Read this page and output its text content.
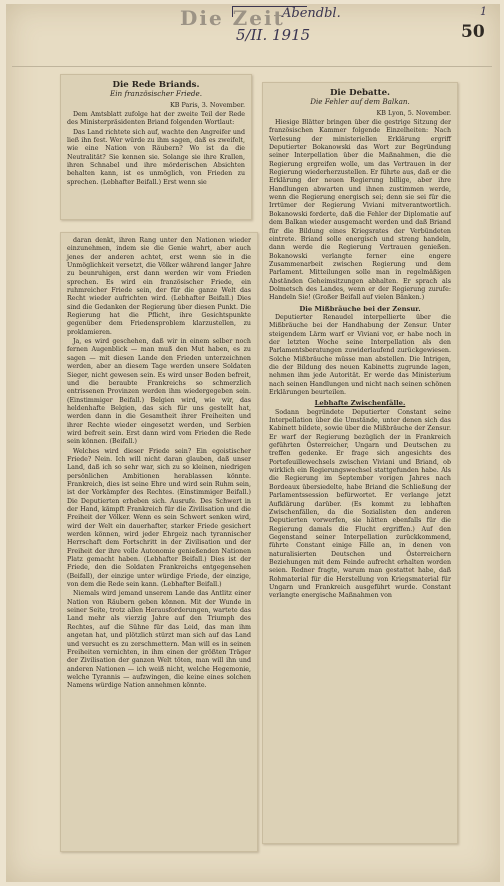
Die Zeit
Abendbl.
5/II. 1915
1
50
Die Rede Briands.
Ein französischer Friede.
KB Paris, 3. November.

Dem Amtsblatt zufolge hat der zweite Teil der Rede des Ministerpräsidenten Briand folgenden Wortlaut:

Das Land richtete sich auf, wachte den Angreifer und ließ ihn fest. Wer würde zu ihm sagen, daß es zweifelt, wie eine Nation von Räubern? Wo ist da die Neutralität? Sie kennen sie. Solange sie ihre Krallen, ihren Schnabel und ihre mörderischen Absichten behalten kann, ist es unmöglich, von Frieden zu sprechen. (Lebhafter Beifall.) Erst wenn sie

daran denkt, ihren Rang unter den Nationen wieder einzunehmen, indem sie die Genie wahrt, aber auch jenes der anderen achtet, erst wenn sie in die Unmöglichkeit versetzt, die Völker während langer Jahre zu beunruhigen, erst dann werden wir vom Frieden sprechen. Es wird ein französischer Friede, ein ruhmreicher Friede sein, der für die ganze Welt das Recht wieder aufrichten wird. (Lebhafter Beifall.) Dies sind die Gedanken der Regierung über diesen Punkt. Die Regierung hat die Pflicht, ihre Gesichtspunkte gegenüber dem Friedensproblem klarzustellen, zu proklamieren.

Ja, es wird geschehen, daß wir in einem selber noch fernen Augenblick — man muß den Mut haben, es zu sagen — mit diesen Lande den Frieden unterzeichnen werden, aber an diesem Tage werden unsere Soldaten Sieger, nicht gewesen sein. Es wird unser Boden befreit, und die beraubte Frankreichs so schmerzlich entrissenen Provinzen werden ihm wiedergegeben sein. (Einstimmiger Beifall.) Belgien wird, wie wir, das heldenhafte Belgien, das sich für uns gestellt hat, werden dann in die Gesamtheit ihrer Freiheiten und ihrer Rechte wieder eingesetzt werden, und Serbien wird befreit sein. Erst dann wird vom Frieden die Rede sein können. (Beifall.)

Welches wird dieser Friede sein? Ein egoistischer Friede? Nein. Ich will nicht daran glauben, daß unser Land, daß ich so sehr war, sich zu so kleinen, niedrigen persönlichen Ambitionen herablassen könnte. Frankreich, dies ist seine Ehre und wird sein Ruhm sein, ist der Vorkämpfer des Rechtes. (Einstimmiger Beifall.) Die Deputierten erheben sich. Ausrufe. Des Schwert in der Hand, kämpft Frankreich für die Zivilisation und die Freiheit der Völker. Wenn es sein Schwert senken wird, wird der Welt ein dauerhafter, starker Friede gesichert werden können, wird jeder Ehrgeiz nach tyrannischer Herrschaft dem Fortschritt in der Zivilisation und der Freiheit der ihre volle Autonomie genießenden Nationen Platz gemacht haben. (Lebhafter Beifall.) Dies ist der Friede, den die Soldaten Frankreichs entgegensehen (Beifall), der einzige unter würdige Friede, der einzige, von dem die Rede sein kann. (Lebhafter Beifall.)

Niemals wird jemand unserem Lande das Antlitz einer Nation von Räubern geben können. Mit der Wunde in seiner Seite, trotz allen Herausforderungen, wartete das Land mehr als vierzig Jahre auf den Triumph des Rechtes, auf die Sühne für das Leid, das man ihm angetan hat, und plötzlich stürzt man sich auf das Land und versucht es zu zerschmettern. Man will es in seinen Freiheiten vernichten, in ihm einen der größten Träger der Zivilisation der ganzen Welt töten, man will ihn und anderen Nationen — ich weiß nicht, welche Hegemonie, welche Tyrannis — aufzwingen, die keine eines solchen Namens würdige Nation annehmen könnte.

Die Debatte.
Die Fehler auf dem Balkan.
KB Lyon, 5. November.

Hiesige Blätter bringen über die gestrige Sitzung der französischen Kammer folgende Einzelheiten: Nach Verlesung der ministeriellen Erklärung ergriff Deputierter Bokanowski das Wort zur Begründung seiner Interpellation über die Maßnahmen, die die Regierung ergreifen wolle, um das Vertrauen in der Regierung wiederherzustellen. Er führte aus, daß er die Erklärung der neuen Regierung billige, aber ihre Handlungen abwarten und ihnen zustimmen werde, wenn die Regierung energisch sei; denn sie sei für die Irrtümer der Regierung Viviani mitverantwortlich. Bokanowski forderte, daß die Fehler der Diplomatie auf dem Balkan wieder ausgemacht werden und daß Briand für die Bildung eines Kriegsrates der Verbündeten eintrete. Briand solle energisch und streng handeln, dann werde die Regierung Vertrauen genießen. Bokanowski verlangte ferner eine engere Zusammenarbeit zwischen Regierung und dem Parlament. Mitteilungen solle man in regelmäßigen Abständen Geheimsitzungen abhalten. Er sprach als Dolmetsch des Landes, wenn er der Regierung zurufe: Handeln Sie! (Großer Beifall auf vielen Bänken.)

Die Mißbräuche bei der Zensur.

Deputierter Renaudel interpellierte über die Mißbräuche bei der Handhabung der Zensur. Unter steigendem Lärm warf er Viviani vor, er habe noch in der letzten Woche seine Interpellation als den Parlamentsberatungen zuwiderlaufend zurückgewiesen. Solche Mißbräuche müsse man abstellen. Die Intrigen, die der Bildung des neuen Kabinetts zugrunde lagen, nehmen ihm jede Autorität. Er werde das Ministerium nach seinen Handlungen und nicht nach seinen schönen Erklärungen beurteilen.

Lebhafte Zwischenfälle.

Sodann begründete Deputierter Constant seine Interpellation über die Umstände, unter denen sich das Kabinett bildete, sowie über die Mißbräuche der Zensur. Er warf der Regierung bezüglich der in Frankreich geführten Österreicher, Ungarn und Deutschen zu treffen gedenke. Er frage sich angesichts des Portefeuillewechsels zwischen Viviani und Briand, ob wirklich ein Regierungswechsel stattgefunden habe. Als die Regierung im September vorigen Jahres nach Bordeaux übersiedelte, habe Briand die Schließung der Parlamentssession befürwortet. Er verlange jetzt Aufklärung darüber. (Es kommt zu lebhaften Zwischenfällen, da die Sozialisten den anderen Deputierten vorwerfen, sie hätten ebenfalls für die Regierung damals die Flucht ergriffen.) Auf den Gegenstand seiner Interpellation zurückkommend, führte Constant einige Fälle an, in denen von naturalisierten Deutschen und Österreichern Beziehungen mit dem Feinde aufrecht erhalten worden seien. Redner fragte, warum man gestattet habe, daß Rohmaterial für die Herstellung von Kriegsmaterial für Ungarn und Frankreich ausgeführt wurde. Constant verlangte energische Maßnahmen von
